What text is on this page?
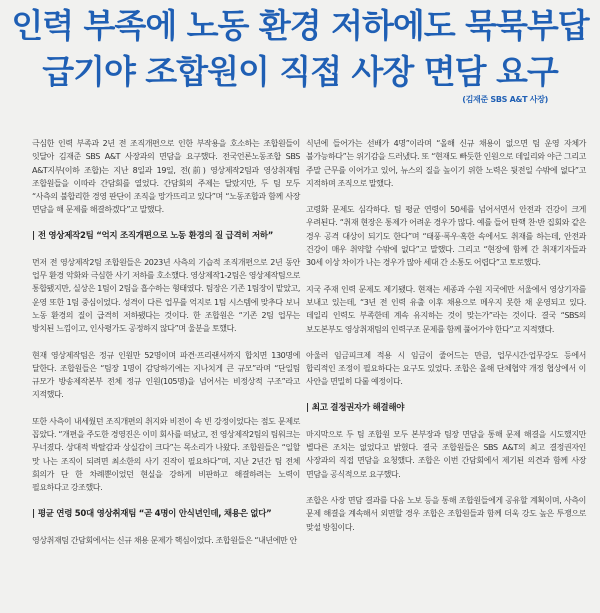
인력 부족에 노동 환경 저하에도 묵묵부답
급기야 조합원이 직접 사장 면담 요구
(김재준 SBS A&T 사장)

극심한 인력 부족과 2년 전 조직개편으로 인한 부작용을 호소하는 조합원들이 잇달아 김재준 SBS A&T 사장과의 면담을 요구했다. 전국언론노동조합 SBS A&T지부(이하 조합)는 지난 8일과 19일, 전(前) 영상제작2팀과 영상취재팀 조합원들을 이따라 간담회를 열었다. 간담회의 주제는 달랐지만, 두 팀 모두 “사측의 불합리한 경영 판단이 조직을 망가뜨리고 있다”며 “노동조합과 함께 사장 면담을 해 문제를 해결하겠다”고 말했다.

| 전 영상제작2팀 “억지 조직개편으로 노동 환경의 질 급격히 저하”

먼저 전 영상제작2팀 조합원들은 2023년 사측의 기습적 조직개편으로 2년 동안 업무 환경 악화와 극심한 사기 저하를 호소했다. 영상제작1-2팀은 영상제작팀으로 통합됐지만, 실상은 1팀이 2팀을 흡수하는 형태였다. 팀장은 기존 1팀장이 맡았고, 운영 또한 1팀 중심이었다. 성격이 다른 업무를 억지로 1팀 시스템에 맞추다 보니 노동 환경의 질이 급격히 저하됐다는 것이다. 한 조합원은 “기존 2팀 업무는 방치된 느낌이고, 인사평가도 공정하지 않다”며 울분을 토했다.

현재 영상제작팀은 정규 인원만 52명이며 파견·프리랜서까지 합치면 130명에 달한다. 조합원들은 “팀장 1명이 감당하기에는 지나치게 큰 규모”라며 “단일팀 규모가 방송제작본부 전체 정규 인원(105명)을 넘어서는 비정상적 구조”라고 지적했다.

또한 사측이 내세웠던 조직개편의 취지와 비전이 속 빈 강정이었다는 점도 문제로 꼽았다. “개편을 주도한 경영진은 이미 회사를 떠났고, 전 영상제작2팀의 팀워크는 무너졌다. 상대적 박탈감과 상실감이 크다”는 목소리가 나왔다. 조합원들은 “일할 맛 나는 조직이 되려면 최소한의 사기 진작이 필요하다”며, 지난 2년간 팀 전체 회의가 단 한 차례뿐이었던 현실을 강하게 비판하고 해결하려는 노력이 필요하다고 강조했다.

| 평균 연령 50대 영상취재팀 “곧 4명이 안식년인데, 채용은 없다”

영상취재팀 간담회에서는 신규 채용 문제가 핵심이었다. 조합원들은 “내년에만 안

식년에 들어가는 선배가 4명”이라며 “올해 신규 채용이 없으면 팀 운영 자체가 불가능하다”는 위기감을 드러냈다. 또 “현재도 빠듯한 인원으로 데일리와 야근 그리고 주말 근무를 이어가고 있어, 뉴스의 질을 높이기 위한 노력은 뒷전일 수밖에 없다”고 지적하며 조직으로 말했다.

고령화 문제도 심각하다. 팀 평균 연령이 50세를 넘어서면서 안전과 건강이 크게 우려된다. “취재 현장은 통제가 어려운 경우가 많다. 예를 들어 탄핵 찬·반 집회와 같은 경우 공격 대상이 되기도 한다”며 “태풍·폭우·혹한 속에서도 취재를 하는데, 안전과 건강이 매우 취약할 수밖에 없다”고 말했다. 그리고 “현장에 함께 간 취재기자들과 30세 이상 차이가 나는 경우가 많아 세대 간 소통도 어렵다”고 토로했다.

지국 주재 인력 문제도 제기됐다. 현재는 세종과 수원 지국에만 서울에서 영상기자를 보내고 있는데, “3년 전 인력 유출 이후 채용으로 메우지 못한 채 운영되고 있다. 데일리 인력도 부족한데 계속 유지하는 것이 맞는가”라는 것이다. 결국 “SBS의 보도본부도 영상취재팀의 인력구조 문제를 함께 풀어가야 한다”고 지적했다.

아울러 임금피크제 적용 시 임금이 줄어드는 만큼, 업무시간·업무강도 등에서 합리적인 조정이 필요하다는 요구도 있었다. 조합은 올해 단체협약 개정 협상에서 이 사안을 면밀히 다룰 예정이다.

| 최고 결정권자가 해결해야

마지막으로 두 팀 조합원 모두 본부장과 팀장 면담을 통해 문제 해결을 시도했지만 별다른 조치는 없었다고 밝혔다. 결국 조합원들은 SBS A&T의 최고 결정권자인 사장과의 직접 면담을 요청했다. 조합은 이번 간담회에서 제기된 의견과 함께 사장 면담을 공식적으로 요구했다.

조합은 사장 면담 결과를 다음 노보 등을 통해 조합원들에게 공유할 계획이며, 사측이 문제 해결을 계속해서 외면할 경우 조합은 조합원들과 함께 더욱 강도 높은 투쟁으로 맞설 방침이다.
